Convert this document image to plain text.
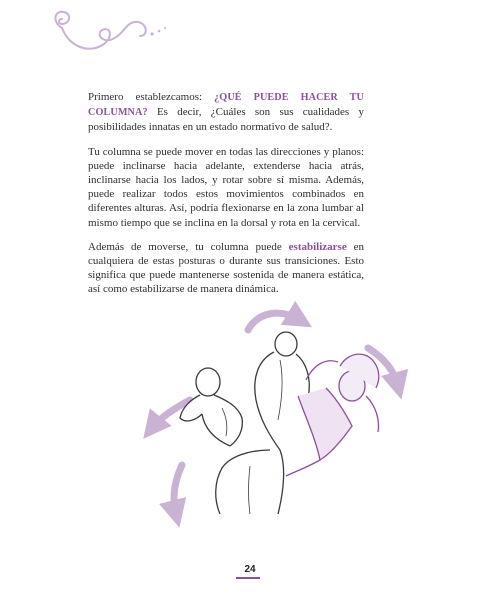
Primero establezcamos: ¿QUÉ PUEDE HACER TU COLUMNA? Es decir, ¿Cuáles son sus cualidades y posibilidades innatas en un estado normativo de salud?.

Tu columna se puede mover en todas las direcciones y planos: puede inclinarse hacia adelante, extenderse hacia atrás, inclinarse hacia los lados, y rotar sobre sí misma. Además, puede realizar todos estos movimientos combinados en diferentes alturas. Así, podría flexionarse en la zona lumbar al mismo tiempo que se inclina en la dorsal y rota en la cervical.

Además de moverse, tu columna puede estabilizarse en cualquiera de estas posturas o durante sus transiciones. Esto significa que puede mantenerse sostenida de manera estática, así como estabilizarse de manera dinámica.

24
